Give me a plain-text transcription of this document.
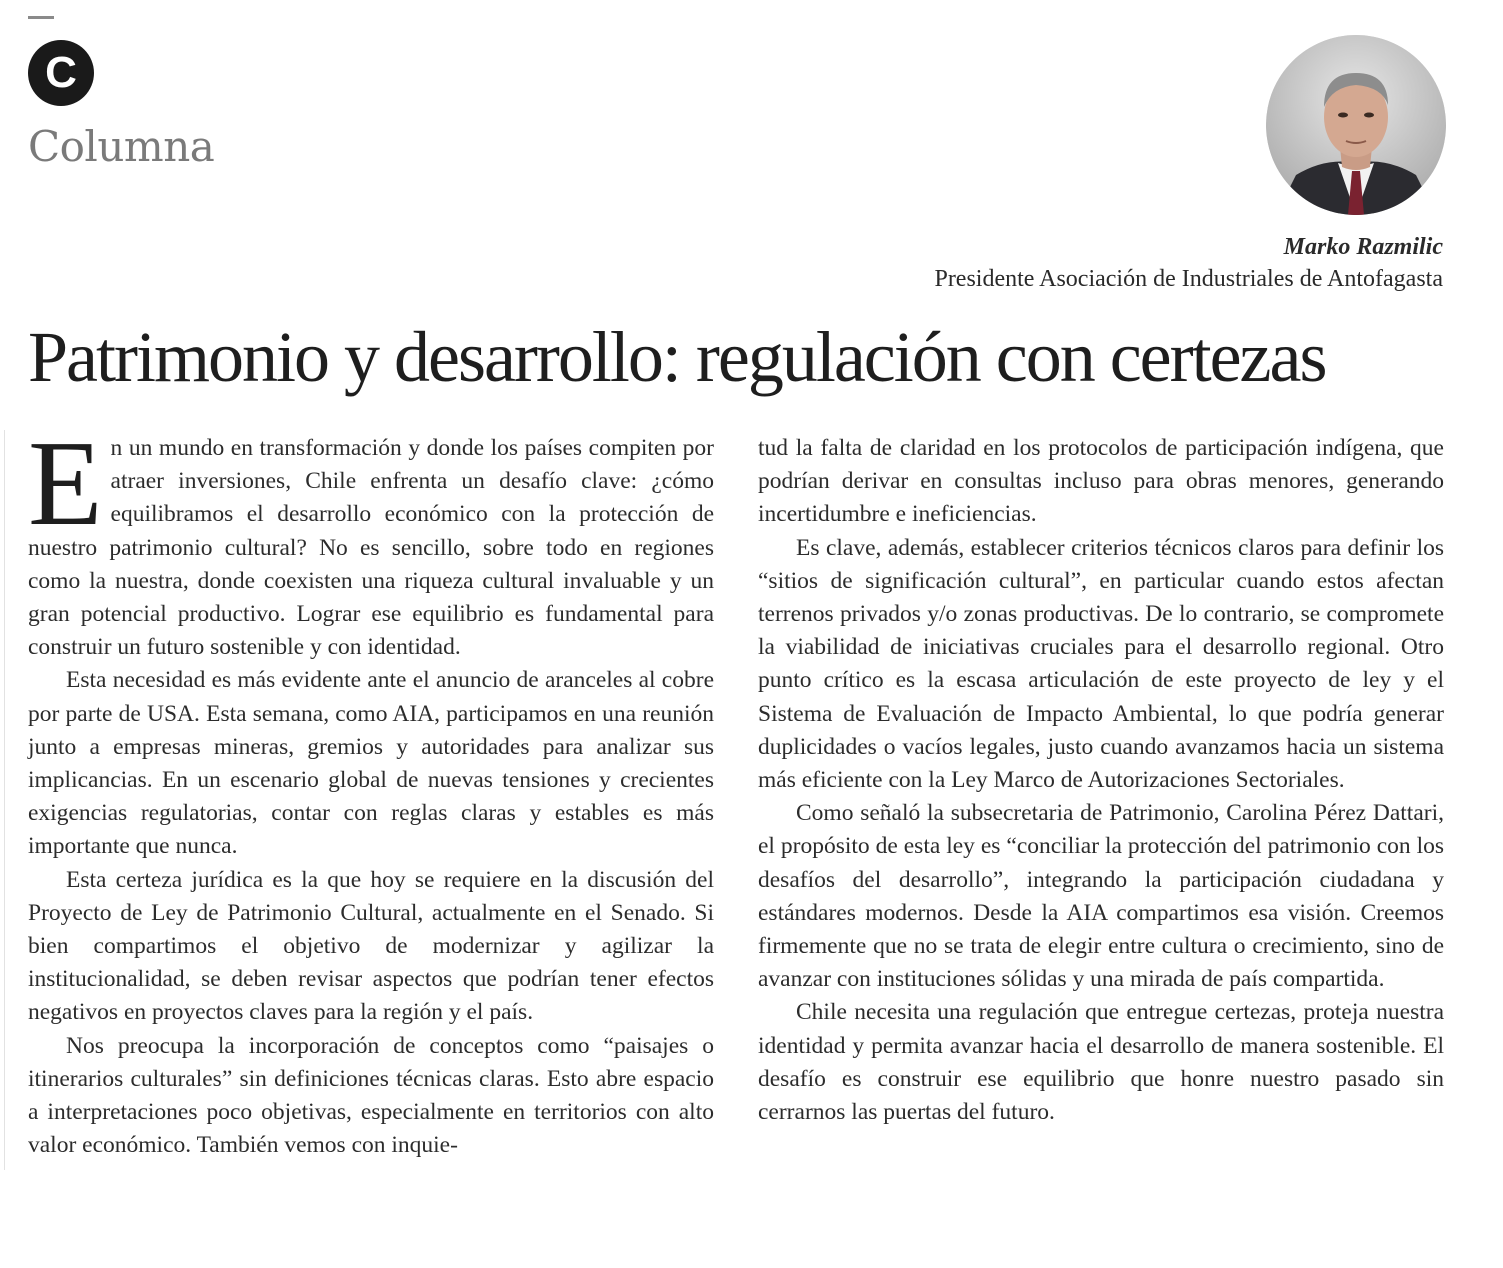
C
Columna
Marko Razmilic
Presidente Asociación de Industriales de Antofagasta
Patrimonio y desarrollo: regulación con certezas

En un mundo en transformación y donde los países compiten por atraer inversiones, Chile enfrenta un desafío clave: ¿cómo equilibramos el desarrollo económico con la protección de nuestro patrimonio cultural? No es sencillo, sobre todo en regiones como la nuestra, donde coexisten una riqueza cultural invaluable y un gran potencial productivo. Lograr ese equilibrio es fundamental para construir un futuro sostenible y con identidad.

Esta necesidad es más evidente ante el anuncio de aranceles al cobre por parte de USA. Esta semana, como AIA, participamos en una reunión junto a empresas mineras, gremios y autoridades para analizar sus implicancias. En un escenario global de nuevas tensiones y crecientes exigencias regulatorias, contar con reglas claras y estables es más importante que nunca.

Esta certeza jurídica es la que hoy se requiere en la discusión del Proyecto de Ley de Patrimonio Cultural, actualmente en el Senado. Si bien compartimos el objetivo de modernizar y agilizar la institucionalidad, se deben revisar aspectos que podrían tener efectos negativos en proyectos claves para la región y el país.

Nos preocupa la incorporación de conceptos como “paisajes o itinerarios culturales” sin definiciones técnicas claras. Esto abre espacio a interpretaciones poco objetivas, especialmente en territorios con alto valor económico. También vemos con inquie-

tud la falta de claridad en los protocolos de participación indígena, que podrían derivar en consultas incluso para obras menores, generando incertidumbre e ineficiencias.

Es clave, además, establecer criterios técnicos claros para definir los “sitios de significación cultural”, en particular cuando estos afectan terrenos privados y/o zonas productivas. De lo contrario, se compromete la viabilidad de iniciativas cruciales para el desarrollo regional. Otro punto crítico es la escasa articulación de este proyecto de ley y el Sistema de Evaluación de Impacto Ambiental, lo que podría generar duplicidades o vacíos legales, justo cuando avanzamos hacia un sistema más eficiente con la Ley Marco de Autorizaciones Sectoriales.

Como señaló la subsecretaria de Patrimonio, Carolina Pérez Dattari, el propósito de esta ley es “conciliar la protección del patrimonio con los desafíos del desarrollo”, integrando la participación ciudadana y estándares modernos. Desde la AIA compartimos esa visión. Creemos firmemente que no se trata de elegir entre cultura o crecimiento, sino de avanzar con instituciones sólidas y una mirada de país compartida.

Chile necesita una regulación que entregue certezas, proteja nuestra identidad y permita avanzar hacia el desarrollo de manera sostenible. El desafío es construir ese equilibrio que honre nuestro pasado sin cerrarnos las puertas del futuro.
